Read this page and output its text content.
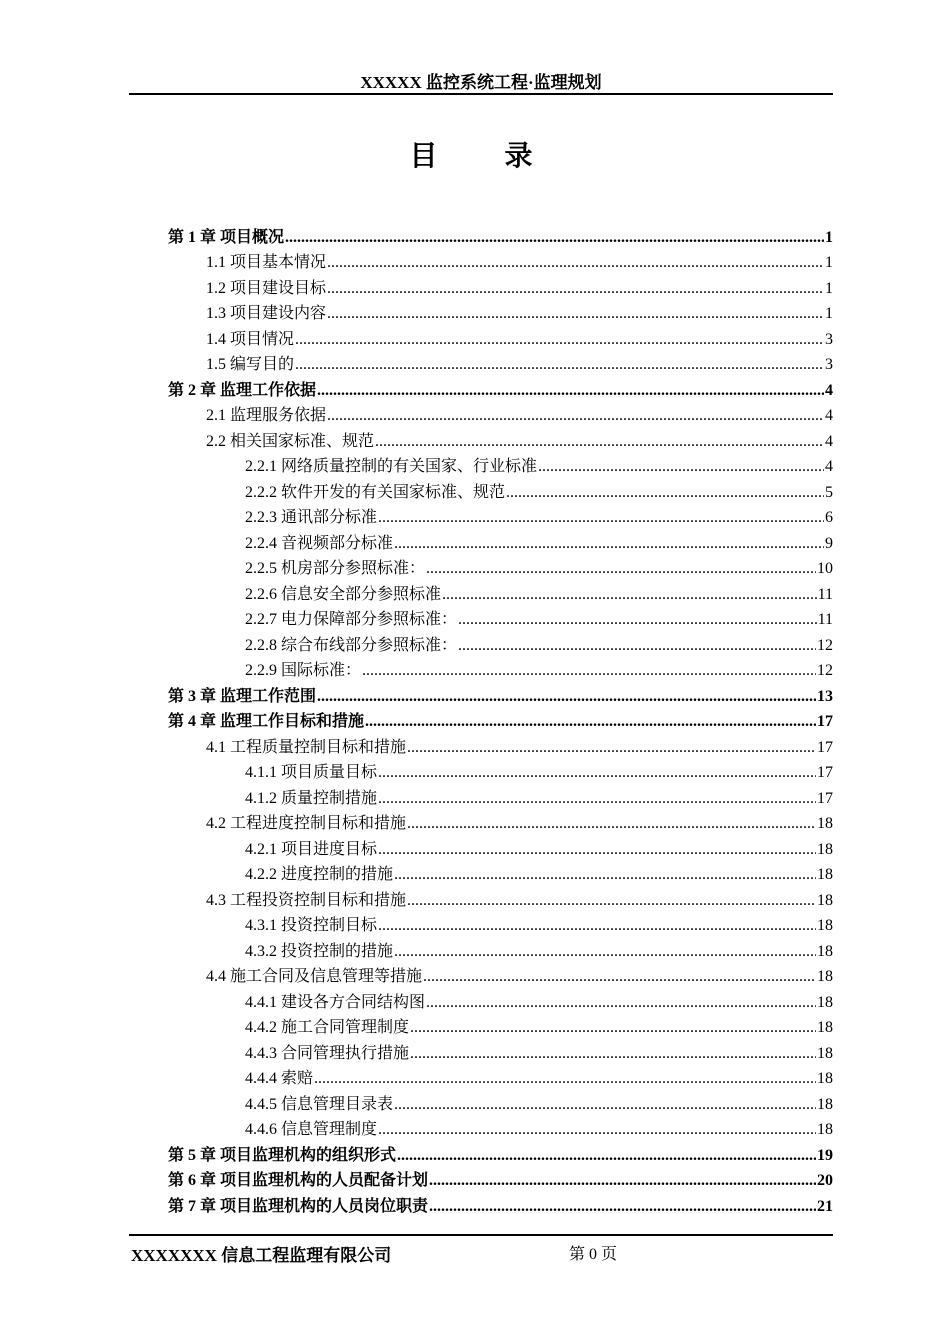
XXXXX 监控系统工程·监理规划
目 录
第 1 章 项目概况 .....	1
1.1 项目基本情况 .....	1
1.2 项目建设目标 .....	1
1.3 项目建设内容 .....	1
1.4 项目情况 .....	3
1.5 编写目的 .....	3
第 2 章 监理工作依据 .....	4
2.1 监理服务依据 .....	4
2.2 相关国家标准、规范 .....	4
2.2.1 网络质量控制的有关国家、行业标准 .....	4
2.2.2 软件开发的有关国家标准、规范 .....	5
2.2.3 通讯部分标准 .....	6
2.2.4 音视频部分标准 .....	9
2.2.5 机房部分参照标准： .....	10
2.2.6 信息安全部分参照标准 .....	11
2.2.7 电力保障部分参照标准： .....	11
2.2.8 综合布线部分参照标准： .....	12
2.2.9 国际标准： .....	12
第 3 章 监理工作范围 .....	13
第 4 章 监理工作目标和措施 .....	17
4.1 工程质量控制目标和措施 .....	17
4.1.1 项目质量目标 .....	17
4.1.2 质量控制措施 .....	17
4.2 工程进度控制目标和措施 .....	18
4.2.1 项目进度目标 .....	18
4.2.2 进度控制的措施 .....	18
4.3 工程投资控制目标和措施 .....	18
4.3.1 投资控制目标 .....	18
4.3.2 投资控制的措施 .....	18
4.4 施工合同及信息管理等措施 .....	18
4.4.1 建设各方合同结构图 .....	18
4.4.2 施工合同管理制度 .....	18
4.4.3 合同管理执行措施 .....	18
4.4.4 索赔 .....	18
4.4.5 信息管理目录表 .....	18
4.4.6 信息管理制度 .....	18
第 5 章 项目监理机构的组织形式 .....	19
第 6 章 项目监理机构的人员配备计划 .....	20
第 7 章 项目监理机构的人员岗位职责 .....	21
XXXXXXX 信息工程监理有限公司	第 0 页
